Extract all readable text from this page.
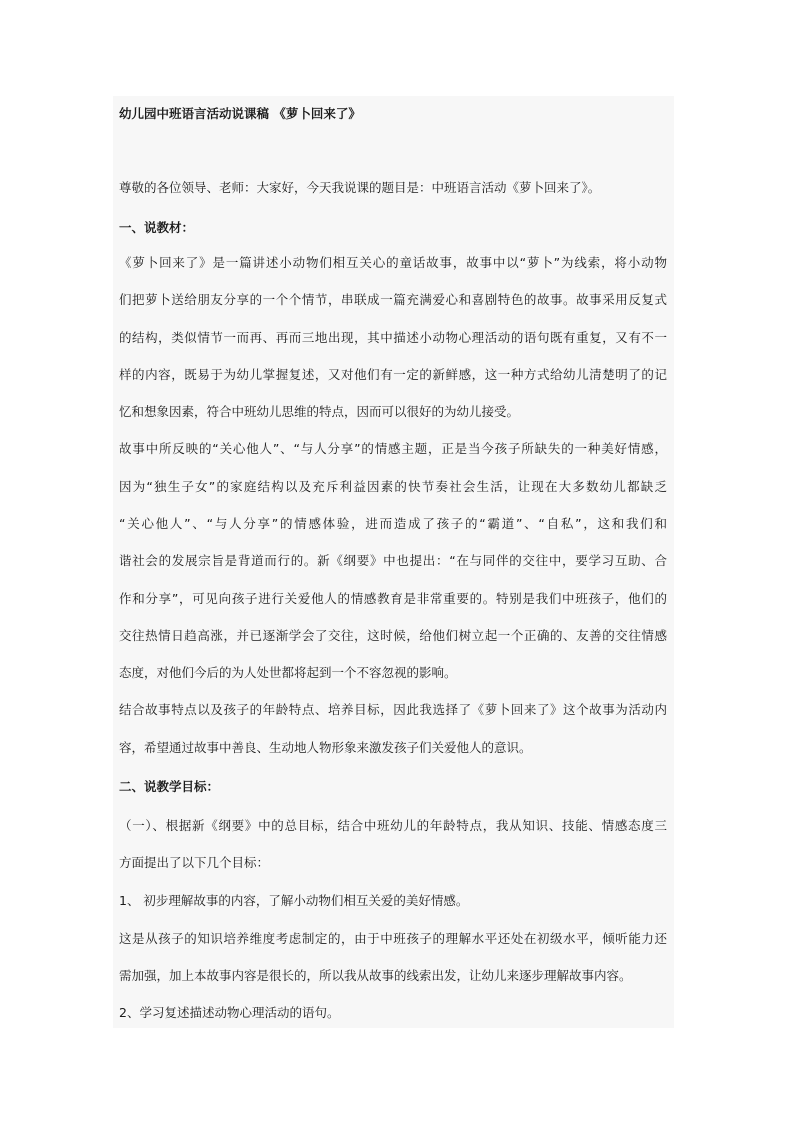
幼儿园中班语言活动说课稿 《萝卜回来了》
尊敬的各位领导、老师：大家好，今天我说课的题目是：中班语言活动《萝卜回来了》。
一、说教材：
《萝卜回来了》是一篇讲述小动物们相互关心的童话故事，故事中以“萝卜”为线索，将小动物
们把萝卜送给朋友分享的一个个情节，串联成一篇充满爱心和喜剧特色的故事。故事采用反复式
的结构，类似情节一而再、再而三地出现，其中描述小动物心理活动的语句既有重复，又有不一
样的内容，既易于为幼儿掌握复述，又对他们有一定的新鲜感，这一种方式给幼儿清楚明了的记
忆和想象因素，符合中班幼儿思维的特点，因而可以很好的为幼儿接受。
故事中所反映的“关心他人”、“与人分享”的情感主题，正是当今孩子所缺失的一种美好情感，
因为“独生子女”的家庭结构以及充斥利益因素的快节奏社会生活，让现在大多数幼儿都缺乏
“关心他人”、“与人分享”的情感体验，进而造成了孩子的“霸道”、“自私”，这和我们和
谐社会的发展宗旨是背道而行的。新《纲要》中也提出：“在与同伴的交往中，要学习互助、合
作和分享”，可见向孩子进行关爱他人的情感教育是非常重要的。特别是我们中班孩子，他们的
交往热情日趋高涨，并已逐渐学会了交往，这时候，给他们树立起一个正确的、友善的交往情感
态度，对他们今后的为人处世都将起到一个不容忽视的影响。
结合故事特点以及孩子的年龄特点、培养目标，因此我选择了《萝卜回来了》这个故事为活动内
容，希望通过故事中善良、生动地人物形象来激发孩子们关爱他人的意识。
二、说教学目标：
（一）、根据新《纲要》中的总目标，结合中班幼儿的年龄特点，我从知识、技能、情感态度三
方面提出了以下几个目标：
1、 初步理解故事的内容，了解小动物们相互关爱的美好情感。
这是从孩子的知识培养维度考虑制定的，由于中班孩子的理解水平还处在初级水平，倾听能力还
需加强，加上本故事内容是很长的，所以我从故事的线索出发，让幼儿来逐步理解故事内容。
2、学习复述描述动物心理活动的语句。
